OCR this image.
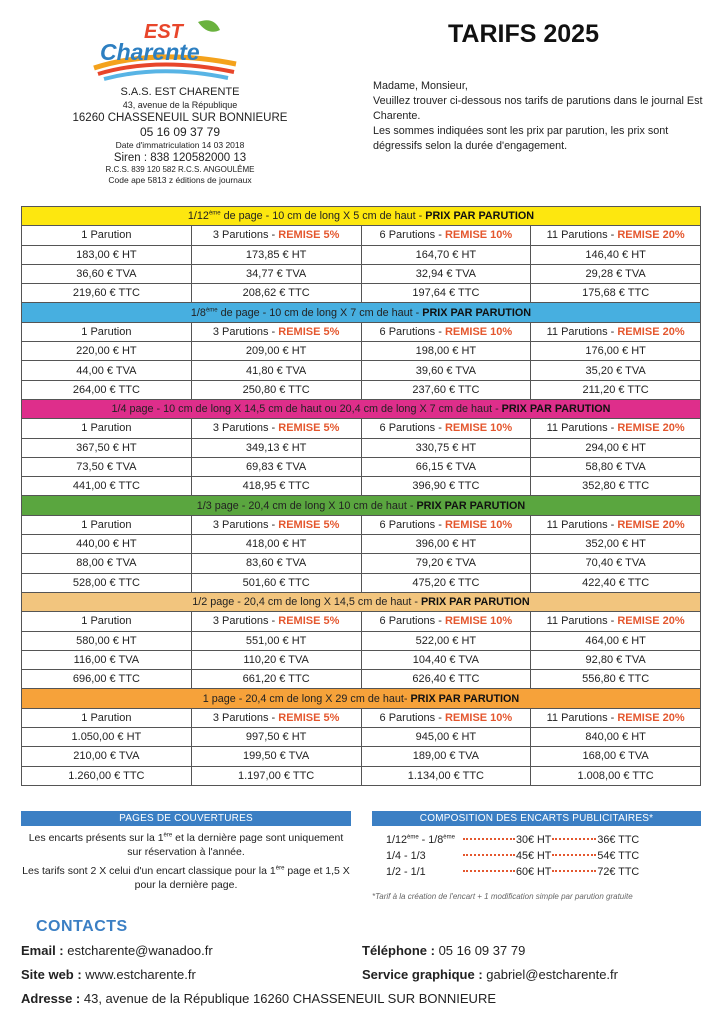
EST
Charente
S.A.S. EST CHARENTE
43, avenue de la République
16260 CHASSENEUIL SUR BONNIEURE
05 16 09 37 79
Date d'immatriculation 14 03 2018
Siren : 838 120582000 13
R.C.S. 839 120 582 R.C.S. ANGOULÊME
Code ape 5813 z éditions de journaux
TARIFS 2025

Madame, Monsieur,

Veuillez trouver ci-dessous nos tarifs de parutions dans le journal Est Charente.

Les sommes indiquées sont les prix par parution, les prix sont dégressifs selon la durée d'engagement.

1/12ème de page - 10 cm de long X 5 cm de haut - PRIX PAR PARUTION			
1 Parution	3 Parutions - REMISE 5%	6 Parutions - REMISE 10%	11 Parutions - REMISE 20%
183,00 € HT	173,85 € HT	164,70 € HT	146,40 € HT
36,60 € TVA	34,77 € TVA	32,94 € TVA	29,28 € TVA
219,60 € TTC	208,62 € TTC	197,64 € TTC	175,68 € TTC
1/8ème de page - 10 cm de long X 7 cm de haut - PRIX PAR PARUTION			
1 Parution	3 Parutions - REMISE 5%	6 Parutions - REMISE 10%	11 Parutions - REMISE 20%
220,00 € HT	209,00 € HT	198,00 € HT	176,00 € HT
44,00 € TVA	41,80 € TVA	39,60 € TVA	35,20 € TVA
264,00 € TTC	250,80 € TTC	237,60 € TTC	211,20 € TTC
1/4 page - 10 cm de long X 14,5 cm de haut ou 20,4 cm de long X 7 cm de haut - PRIX PAR PARUTION			
1 Parution	3 Parutions - REMISE 5%	6 Parutions - REMISE 10%	11 Parutions - REMISE 20%
367,50 € HT	349,13 € HT	330,75 € HT	294,00 € HT
73,50 € TVA	69,83 € TVA	66,15 € TVA	58,80 € TVA
441,00 € TTC	418,95 € TTC	396,90 € TTC	352,80 € TTC
1/3 page - 20,4 cm de long X 10 cm de haut - PRIX PAR PARUTION			
1 Parution	3 Parutions - REMISE 5%	6 Parutions - REMISE 10%	11 Parutions - REMISE 20%
440,00 € HT	418,00 € HT	396,00 € HT	352,00 € HT
88,00 € TVA	83,60 € TVA	79,20 € TVA	70,40 € TVA
528,00 € TTC	501,60 € TTC	475,20 € TTC	422,40 € TTC
1/2 page - 20,4 cm de long X 14,5 cm de haut - PRIX PAR PARUTION			
1 Parution	3 Parutions - REMISE 5%	6 Parutions - REMISE 10%	11 Parutions - REMISE 20%
580,00 € HT	551,00 € HT	522,00 € HT	464,00 € HT
116,00 € TVA	110,20 € TVA	104,40 € TVA	92,80 € TVA
696,00 € TTC	661,20 € TTC	626,40 € TTC	556,80 € TTC
1 page - 20,4 cm de long X 29 cm de haut- PRIX PAR PARUTION			
1 Parution	3 Parutions - REMISE 5%	6 Parutions - REMISE 10%	11 Parutions - REMISE 20%
1.050,00 € HT	997,50 € HT	945,00 € HT	840,00 € HT
210,00 € TVA	199,50 € TVA	189,00 € TVA	168,00 € TVA
1.260,00 € TTC	1.197,00 € TTC	1.134,00 € TTC	1.008,00 € TTC
PAGES DE COUVERTURES

Les encarts présents sur la 1ère et la dernière page sont uniquement sur réservation à l'année.

Les tarifs sont 2 X celui d'un encart classique pour la 1ère page et 1,5 X pour la dernière page.

COMPOSITION DES ENCARTS PUBLICITAIRES*
1/12ème - 1/8ème	30€ HT	36€ TTC
1/4 - 1/3	45€ HT	54€ TTC
1/2 - 1/1	60€ HT	72€ TTC
*Tarif à la création de l'encart + 1 modification simple par parution gratuite
CONTACTS
Email : estcharente@wanadoo.fr	Téléphone : 05 16 09 37 79
Site web : www.estcharente.fr	Service graphique : gabriel@estcharente.fr
Adresse : 43, avenue de la République 16260 CHASSENEUIL SUR BONNIEURE
